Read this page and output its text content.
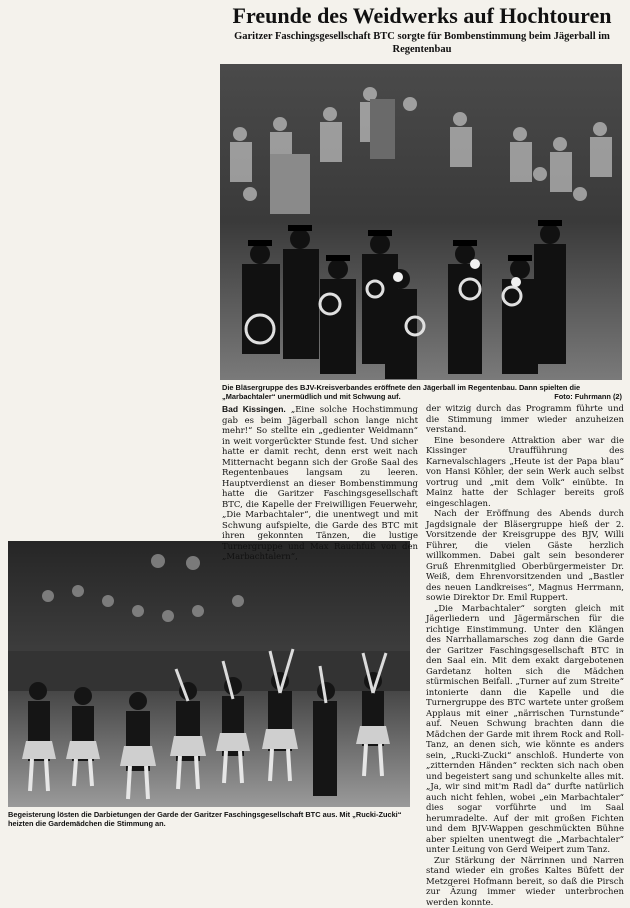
Freunde des Weidwerks auf Hochtouren
Garitzer Faschingsgesellschaft BTC sorgte für Bombenstimmung beim Jägerball im Regentenbau
Die Bläsergruppe des BJV-Kreisverbandes eröffnete den Jägerball im Regentenbau. Dann spielten die „Marbachtaler“ unermüdlich und mit Schwung auf.	Foto: Fuhrmann (2)
Begeisterung lösten die Darbietungen der Garde der Garitzer Faschingsgesellschaft BTC aus. Mit „Rucki-Zucki“ heizten die Gardemädchen die Stimmung an.

Bad Kissingen. „Eine solche Hochstimmung gab es beim Jägerball schon lange nicht mehr!“ So stellte ein „gedienter Weidmann“ in weit vorgerückter Stunde fest. Und sicher hatte er damit recht, denn erst weit nach Mitternacht begann sich der Große Saal des Regentenbaues langsam zu leeren. Hauptverdienst an dieser Bombenstimmung hatte die Garitzer Faschingsgesellschaft BTC, die Kapelle der Freiwilligen Feuerwehr, „Die Marbachtaler“, die unentwegt und mit Schwung aufspielte, die Garde des BTC mit ihren gekonnten Tänzen, die lustige Turnergruppe und Max Rauchfuß von den „Marbachtalern“,

der witzig durch das Programm führte und die Stimmung immer wieder anzuheizen verstand.

Eine besondere Attraktion aber war die Kissinger Uraufführung des Karnevalschlagers „Heute ist der Papa blau“ von Hansi Köhler, der sein Werk auch selbst vortrug und „mit dem Volk“ einübte. In Mainz hatte der Schlager bereits groß eingeschlagen.

Nach der Eröffnung des Abends durch Jagdsignale der Bläsergruppe hieß der 2. Vorsitzende der Kreisgruppe des BJV, Willi Führer, die vielen Gäste herzlich willkommen. Dabei galt sein besonderer Gruß Ehrenmitglied Oberbürgermeister Dr. Weiß, dem Ehrenvorsitzenden und „Bastler des neuen Landkreises“, Magnus Herrmann, sowie Direktor Dr. Emil Ruppert.

„Die Marbachtaler“ sorgten gleich mit Jägerliedern und Jägermärschen für die richtige Einstimmung. Unter den Klängen des Narrhallamarsches zog dann die Garde der Garitzer Faschingsgesellschaft BTC in den Saal ein. Mit dem exakt dargebotenen Gardetanz holten sich die Mädchen stürmischen Beifall. „Turner auf zum Streite“ intonierte dann die Kapelle und die Turnergruppe des BTC wartete unter großem Applaus mit einer „närrischen Turnstunde“ auf. Neuen Schwung brachten dann die Mädchen der Garde mit ihrem Rock and Roll-Tanz, an denen sich, wie könnte es anders sein, „Rucki-Zucki“ anschloß. Hunderte von „zitternden Händen“ reckten sich nach oben und begeistert sang und schunkelte alles mit. „Ja, wir sind mit'm Radl da“ durfte natürlich auch nicht fehlen, wobei „ein Marbachtaler“ dies sogar vorführte und im Saal herumradelte. Auf der mit großen Fichten und dem BJV-Wappen geschmückten Bühne aber spielten unentwegt die „Marbachtaler“ unter Leitung von Gerd Weipert zum Tanz.

Zur Stärkung der Närrinnen und Narren stand wieder ein großes Kaltes Büfett der Metzgerei Hofmann bereit, so daß die Pirsch zur Äzung immer wieder unterbrochen werden konnte.
